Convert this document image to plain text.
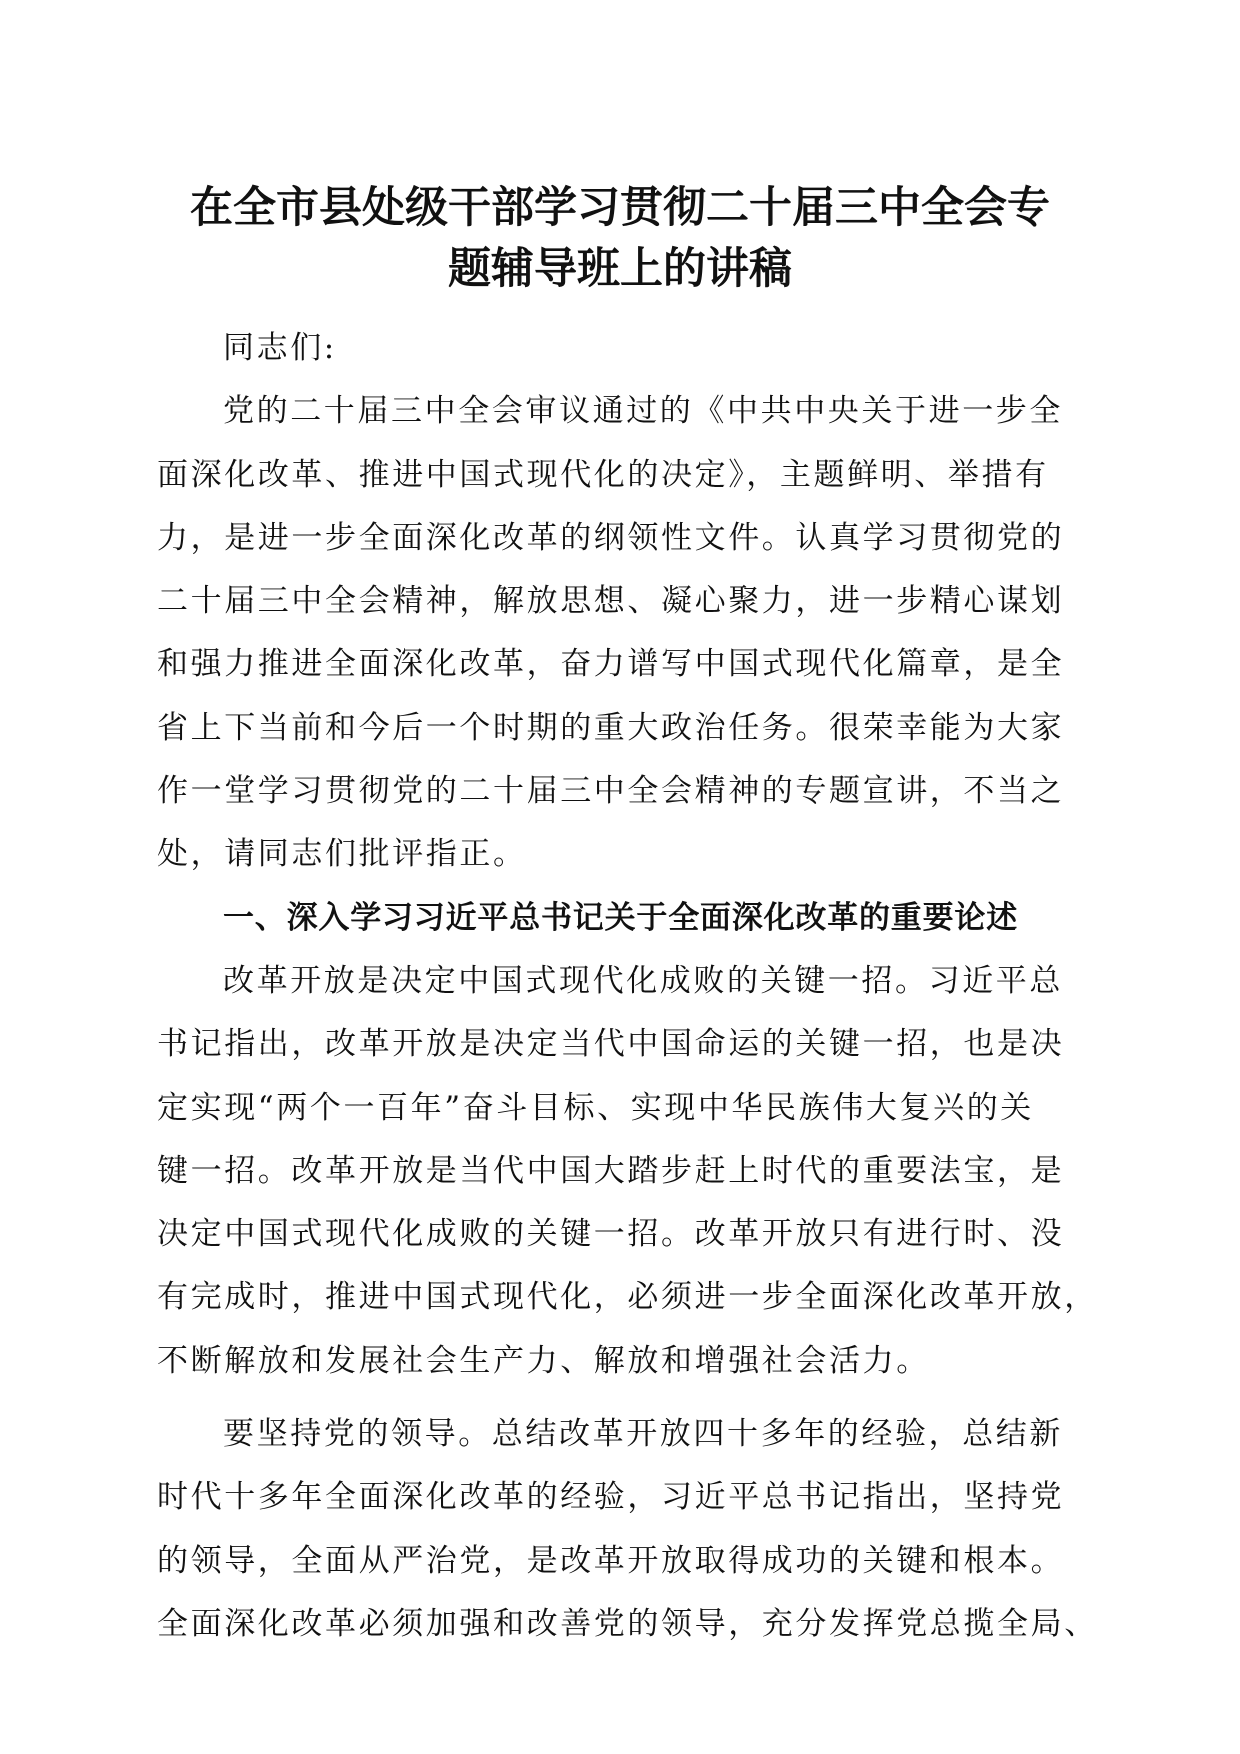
在全市县处级干部学习贯彻二十届三中全会专
题辅导班上的讲稿
同志们:
党的二十届三中全会审议通过的《中共中央关于进一步全
面深化改革、推进中国式现代化的决定》，主题鲜明、举措有
力，是进一步全面深化改革的纲领性文件。认真学习贯彻党的
二十届三中全会精神，解放思想、凝心聚力，进一步精心谋划
和强力推进全面深化改革，奋力谱写中国式现代化篇章，是全
省上下当前和今后一个时期的重大政治任务。很荣幸能为大家
作一堂学习贯彻党的二十届三中全会精神的专题宣讲，不当之
处，请同志们批评指正。
一、深入学习习近平总书记关于全面深化改革的重要论述
改革开放是决定中国式现代化成败的关键一招。习近平总
书记指出，改革开放是决定当代中国命运的关键一招，也是决
定实现“两个一百年”奋斗目标、实现中华民族伟大复兴的关
键一招。改革开放是当代中国大踏步赶上时代的重要法宝，是
决定中国式现代化成败的关键一招。改革开放只有进行时、没
有完成时，推进中国式现代化，必须进一步全面深化改革开放，
不断解放和发展社会生产力、解放和增强社会活力。
要坚持党的领导。总结改革开放四十多年的经验，总结新
时代十多年全面深化改革的经验，习近平总书记指出，坚持党
的领导，全面从严治党，是改革开放取得成功的关键和根本。
全面深化改革必须加强和改善党的领导，充分发挥党总揽全局、
